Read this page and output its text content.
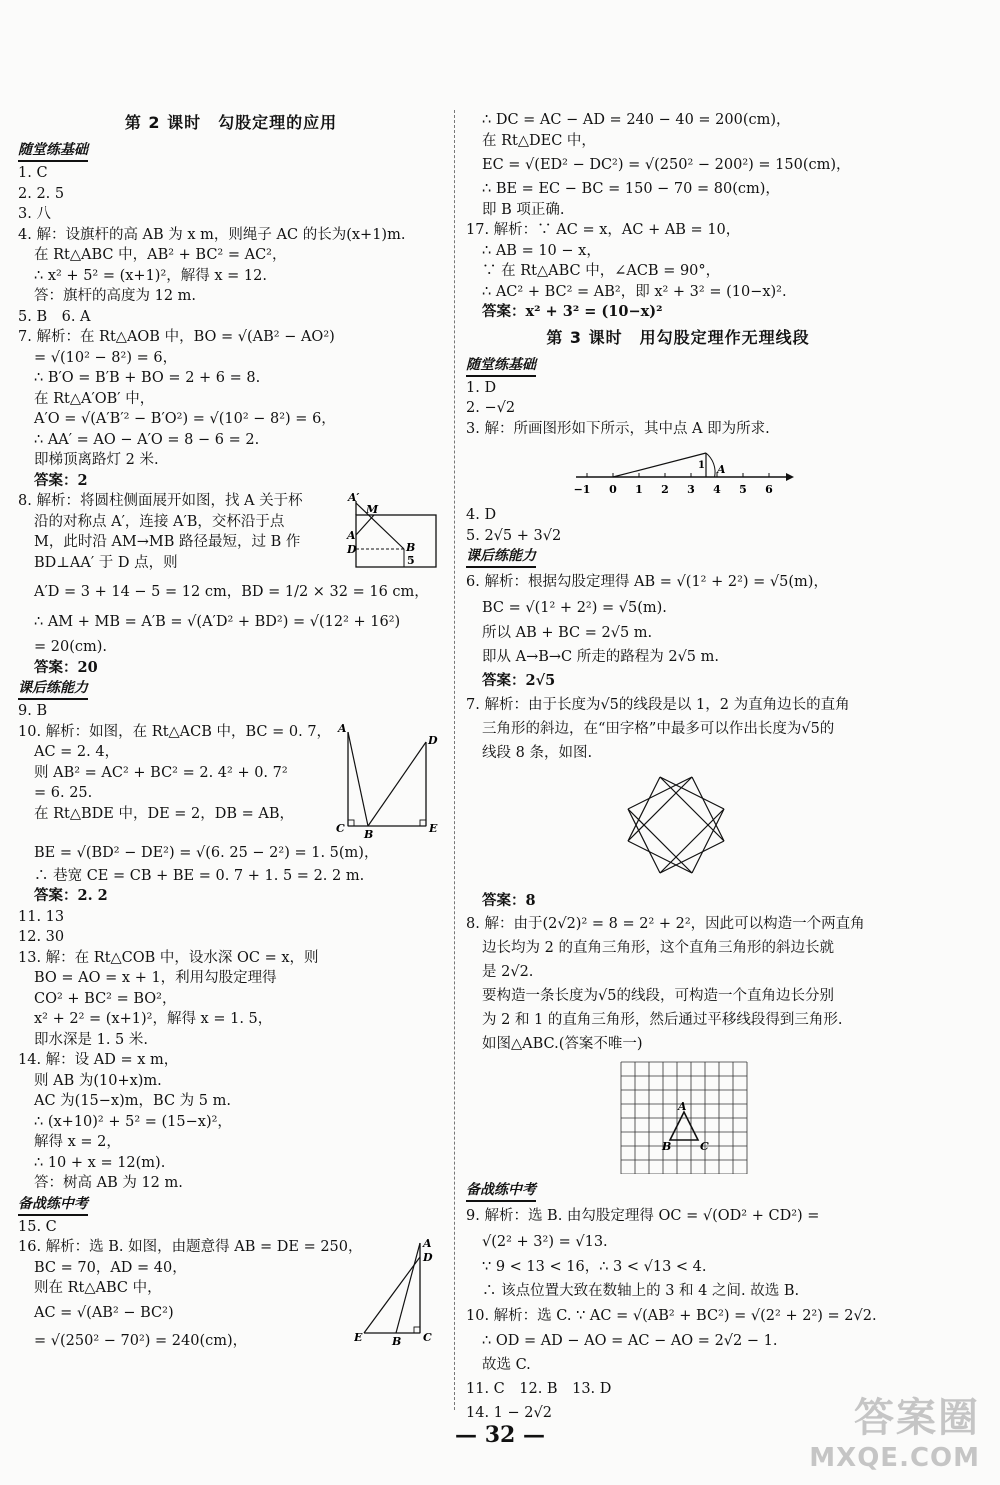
第 2 课时　勾股定理的应用
随堂练基础
1. C
2. 2. 5
3. 八
4. 解：设旗杆的高 AB 为 x m，则绳子 AC 的长为(x+1)m.
在 Rt△ABC 中，AB² + BC² = AC²，
∴ x² + 5² = (x+1)²，解得 x = 12.
答：旗杆的高度为 12 m.
5. B　6. A
7. 解析：在 Rt△AOB 中，BO = √(AB² − AO²)
= √(10² − 8²) = 6，
∴ B′O = B′B + BO = 2 + 6 = 8.
在 Rt△A′OB′ 中，
A′O = √(A′B′² − B′O²) = √(10² − 8²) = 6，
∴ AA′ = AO − A′O = 8 − 6 = 2.
即梯顶离路灯 2 米.
答案：2
A′
M
A
D	B
5
8. 解析：将圆柱侧面展开如图，找 A 关于杯
沿的对称点 A′，连接 A′B，交杯沿于点
M，此时沿 AM→MB 路径最短，过 B 作
BD⊥AA′ 于 D 点，则
A′D = 3 + 14 − 5 = 12 cm，BD = 1/2 × 32 = 16 cm，
∴ AM + MB = A′B = √(A′D² + BD²) = √(12² + 16²)
= 20(cm).
答案：20
课后练能力
9. B
A
D
C B	E
10. 解析：如图，在 Rt△ACB 中，BC = 0. 7，
AC = 2. 4，
则 AB² = AC² + BC² = 2. 4² + 0. 7²
= 6. 25.
在 Rt△BDE 中，DE = 2，DB = AB，
BE = √(BD² − DE²) = √(6. 25 − 2²) = 1. 5(m)，
∴ 巷宽 CE = CB + BE = 0. 7 + 1. 5 = 2. 2 m.
答案：2. 2
11. 13
12. 30
13. 解：在 Rt△COB 中，设水深 OC = x，则
BO = AO = x + 1，利用勾股定理得
CO² + BC² = BO²，
x² + 2² = (x+1)²，解得 x = 1. 5，
即水深是 1. 5 米.
14. 解：设 AD = x m，
则 AB 为(10+x)m.
AC 为(15−x)m，BC 为 5 m.
∴ (x+10)² + 5² = (15−x)²，
解得 x = 2，
∴ 10 + x = 12(m).
答：树高 AB 为 12 m.
备战练中考
15. C
A
D
E	B C
16. 解析：选 B. 如图，由题意得 AB = DE = 250，
BC = 70，AD = 40，
则在 Rt△ABC 中，
AC = √(AB² − BC²)
= √(250² − 70²) = 240(cm)，
∴ DC = AC − AD = 240 − 40 = 200(cm)，
在 Rt△DEC 中，
EC = √(ED² − DC²) = √(250² − 200²) = 150(cm)，
∴ BE = EC − BC = 150 − 70 = 80(cm)，
即 B 项正确.
17. 解析：∵ AC = x，AC + AB = 10，
∴ AB = 10 − x，
∵ 在 Rt△ABC 中，∠ACB = 90°，
∴ AC² + BC² = AB²，即 x² + 3² = (10−x)².
答案：x² + 3² = (10−x)²
第 3 课时　用勾股定理作无理线段
随堂练基础
1. D
2. −√2
3. 解：所画图形如下所示，其中点 A 即为所求.
−1 0 1 2 3 4 5 6
1 A
4. D
5. 2√5 + 3√2
课后练能力
6. 解析：根据勾股定理得 AB = √(1² + 2²) = √5(m)，
BC = √(1² + 2²) = √5(m).
所以 AB + BC = 2√5 m.
即从 A→B→C 所走的路程为 2√5 m.
答案：2√5
7. 解析：由于长度为√5的线段是以 1，2 为直角边长的直角
三角形的斜边，在“田字格”中最多可以作出长度为√5的
线段 8 条，如图.
答案：8
8. 解：由于(2√2)² = 8 = 2² + 2²，因此可以构造一个两直角
边长均为 2 的直角三角形，这个直角三角形的斜边长就
是 2√2.
要构造一条长度为√5的线段，可构造一个直角边长分别
为 2 和 1 的直角三角形，然后通过平移线段得到三角形.
如图△ABC.(答案不唯一)
A
B	C
备战练中考
9. 解析：选 B. 由勾股定理得 OC = √(OD² + CD²) =
√(2² + 3²) = √13.
∵ 9 < 13 < 16，∴ 3 < √13 < 4.
∴ 该点位置大致在数轴上的 3 和 4 之间. 故选 B.
10. 解析：选 C. ∵ AC = √(AB² + BC²) = √(2² + 2²) = 2√2.
∴ OD = AD − AO = AC − AO = 2√2 − 1.
故选 C.
11. C　12. B　13. D
14. 1 − 2√2
— 32 —	答案圈
MXQE.COM
